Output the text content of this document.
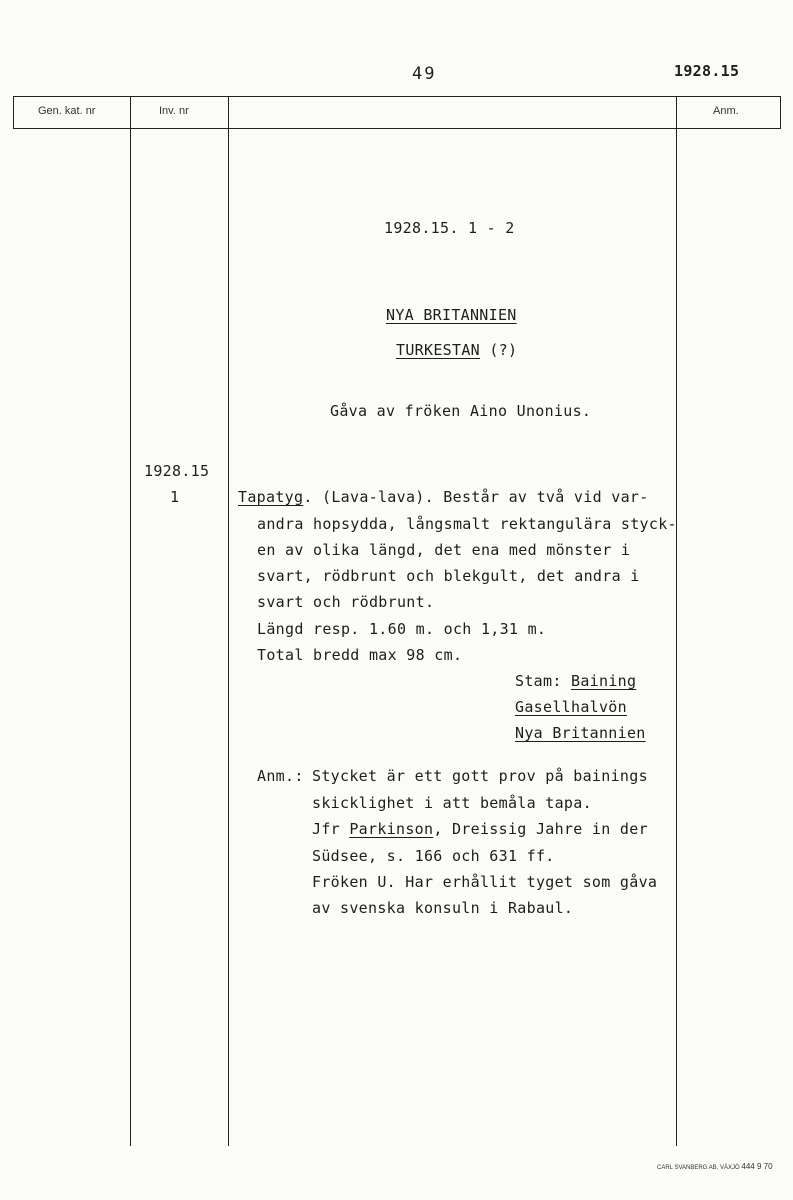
49	1928.15
Gen. kat. nr	Inv. nr	Anm.
1928.15. 1 - 2
NYA BRITANNIEN
TURKESTAN (?)
Gåva av fröken Aino Unonius.
1928.15
1	Tapatyg. (Lava-lava). Består av två vid var-
andra hopsydda, långsmalt rektangulära styck-
en av olika längd, det ena med mönster i
svart, rödbrunt och blekgult, det andra i
svart och rödbrunt.
Längd resp. 1.60 m. och 1,31 m.
Total bredd max 98 cm.
Stam: Baining
Gasellhalvön
Nya Britannien
Anm.: Stycket är ett gott prov på bainings
skicklighet i att bemåla tapa.
Jfr Parkinson, Dreissig Jahre in der
Südsee, s. 166 och 631 ff.
Fröken U. Har erhållit tyget som gåva
av svenska konsuln i Rabaul.
CARL SVANBERG AB, VÄXJÖ 444 9 70
